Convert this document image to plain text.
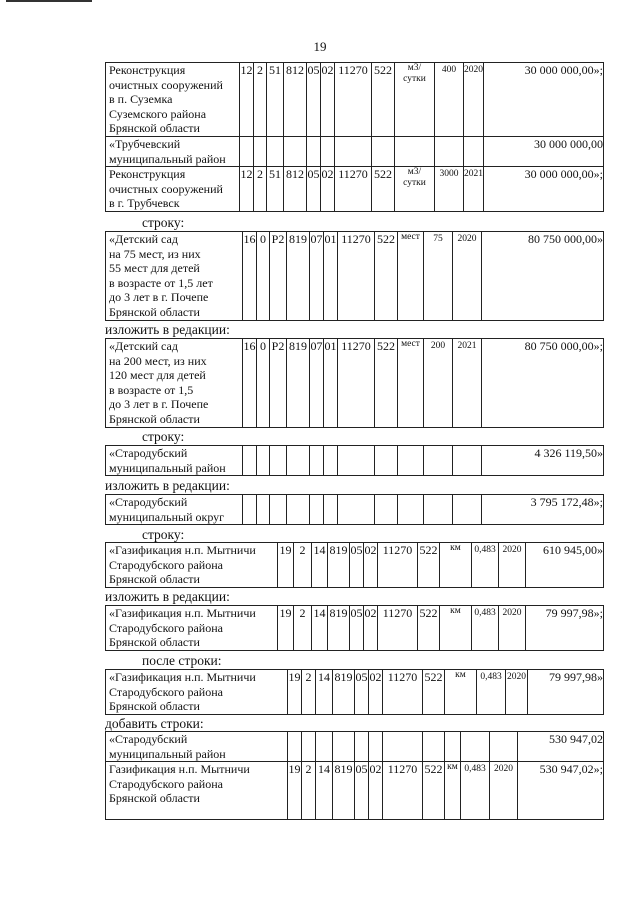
19
Реконструкция
очистных сооружений
в п. Суземка
Суземского района
Брянской области	12	2	51	812	05	02	11270	522	м3/
сутки	400	2020	30 000 000,00»;
«Трубчевский
муниципальный район												30 000 000,00
Реконструкция
очистных сооружений
в г. Трубчевск	12	2	51	812	05	02	11270	522	м3/
сутки	3000	2021	30 000 000,00»;
строку:
«Детский сад
на 75 мест, из них
55 мест для детей
в возрасте от 1,5 лет
до 3 лет в г. Почепе
Брянской области	16	0	Р2	819	07	01	11270	522	мест	75	2020	80 750 000,00»
изложить в редакции:
«Детский сад
на 200 мест, из них
120 мест для детей
в возрасте от 1,5
до 3 лет в г. Почепе
Брянской области	16	0	Р2	819	07	01	11270	522	мест	200	2021	80 750 000,00»;
строку:
«Стародубский
муниципальный район												4 326 119,50»
изложить в редакции:
«Стародубский
муниципальный округ												3 795 172,48»;
строку:
«Газификация н.п. Мытничи
Стародубского района
Брянской области	19	2	14	819	05	02	11270	522	км	0,483	2020	610 945,00»
изложить в редакции:
«Газификация н.п. Мытничи
Стародубского района
Брянской области	19	2	14	819	05	02	11270	522	км	0,483	2020	79 997,98»;
после строки:
«Газификация н.п. Мытничи
Стародубского района
Брянской области	19	2	14	819	05	02	11270	522	км	0,483	2020	79 997,98»
добавить строки:
«Стародубский
муниципальный район												530 947,02
Газификация н.п. Мытничи
Стародубского района
Брянской области	19	2	14	819	05	02	11270	522	км	0,483	2020	530 947,02»;
